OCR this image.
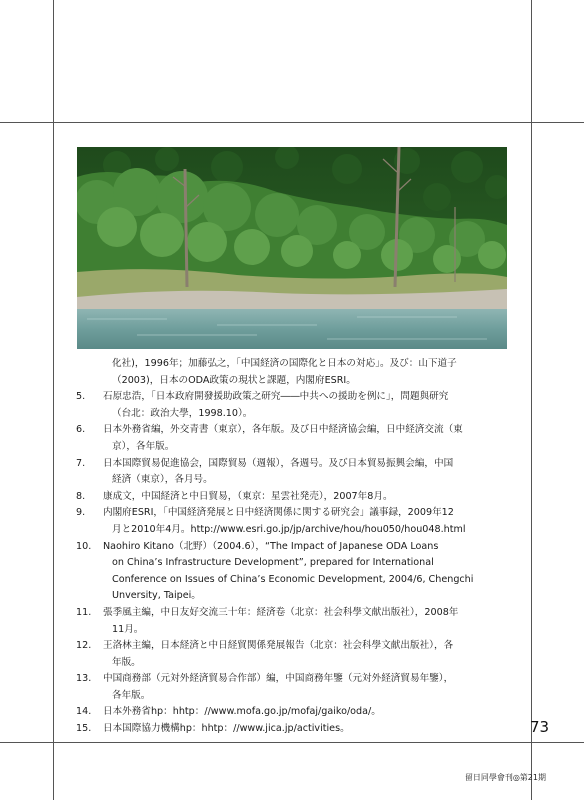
化社)，1996年；加藤弘之，「中国経済の国際化と日本の対応」。及び：山下道子
（2003)，日本のODA政策の現状と課題，内閣府ESRI。
5.	石原忠浩，「日本政府開發援助政策之研究――中共への援助を例に」，問題與研究
（台北：政治大學，1998.10）。
6.	日本外務省編，外交青書（東京），各年版。及び日中経済協会編，日中経済交流（東
京），各年版。
7.	日本国際貿易促進協会，国際貿易（週報），各週号。及び日本貿易振興会編，中国
経済（東京），各月号。
8.	康成文，中国経済と中日貿易，（東京：星雲社発売），2007年8月。
9.	内閣府ESRI，「中国経済発展と日中経済関係に関する研究会」議事録，2009年12
月と2010年4月。http://www.esri.go.jp/jp/archive/hou/hou050/hou048.html
10.	Naohiro Kitano（北野）（2004.6），“The Impact of Japanese ODA Loans
on China’s Infrastructure Development”, prepared for International
Conference on Issues of China’s Economic Development, 2004/6, Chengchi
Unversity, Taipei。
11.	張季風主編，中日友好交流三十年：経済卷（北京：社会科學文献出版社），2008年
11月。
12.	王洛林主編，日本経済と中日経貿関係発展報告（北京：社会科學文献出版社），各
年版。
13.	中国商務部（元対外経済貿易合作部）編，中国商務年鑒（元対外経済貿易年鑒），
各年版。
14.	日本外務省hp：hhtp：//www.mofa.go.jp/mofaj/gaiko/oda/。
15.	日本国際協力機構hp：hhtp：//www.jica.jp/activities。	73
留日同學會刊◎第21期
